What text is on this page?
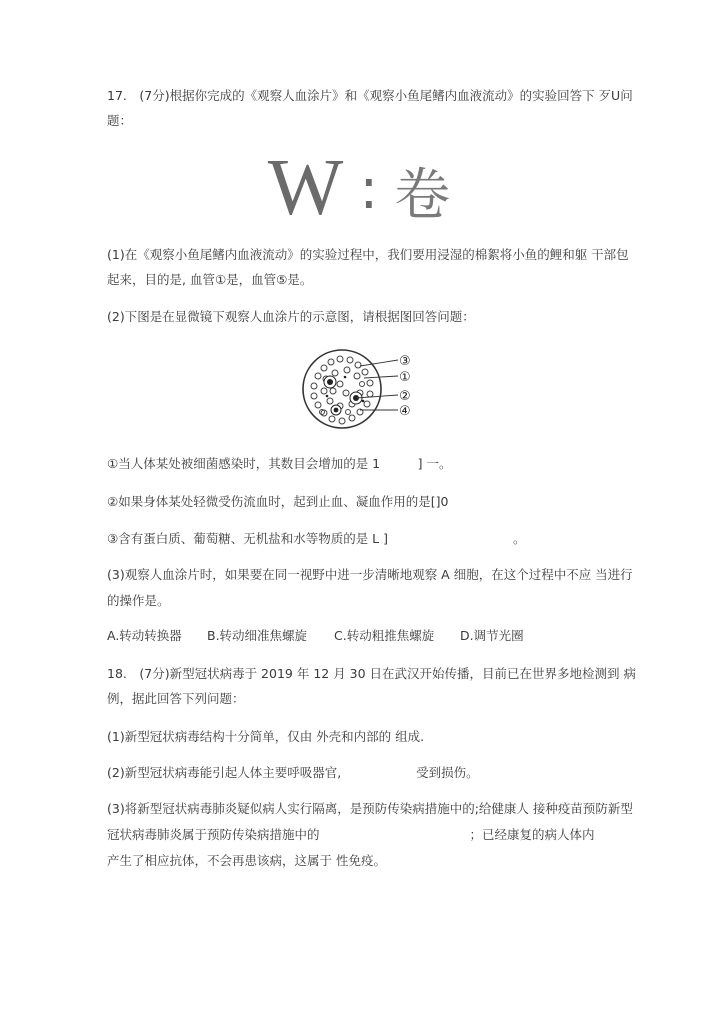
17.　(7分)根据你完成的《观察人血涂片》和《观察小鱼尾鳍内血液流动》的实验回答下 歹U问
题：
W : 卷
(1)在《观察小鱼尾鳍内血液流动》的实验过程中，我们要用浸湿的棉絮将小鱼的鲤和躯 干部包
起来，目的是, 血管①是，血管⑤是。
(2)下图是在显微镜下观察人血涂片的示意图，请根据图回答问题：
③
①
②
④
①当人体某处被细菌感染时，其数目会增加的是 1　　　] 一。
②如果身体某处轻微受伤流血时，起到止血、凝血作用的是[]0
③含有蛋白质、葡萄糖、无机盐和水等物质的是 L ]　　　　　　　　　　。
(3)观察人血涂片时，如果要在同一视野中进一步清晰地观察 A 细胞，在这个过程中不应 当进行
的操作是。
A.转动转换器 B.转动细准焦螺旋 C.转动粗推焦螺旋 D.调节光圈
18.　(7分)新型冠状病毒于 2019 年 12 月 30 日在武汉开始传播，目前已在世界多地检测到 病
例，据此回答下列问题：
(1)新型冠状病毒结构十分简单，仅由 外壳和内部的 组成.
(2)新型冠状病毒能引起人体主要呼吸器官,　　　　　　受到损伤。
(3)将新型冠状病毒肺炎疑似病人实行隔离，是预防传染病措施中的;给健康人 接种疫苗预防新型
冠状病毒肺炎属于预防传染病措施中的　　　　　　　　　　　　；已经康复的病人体内
产生了相应抗体，不会再患该病，这属于 性免疫。
